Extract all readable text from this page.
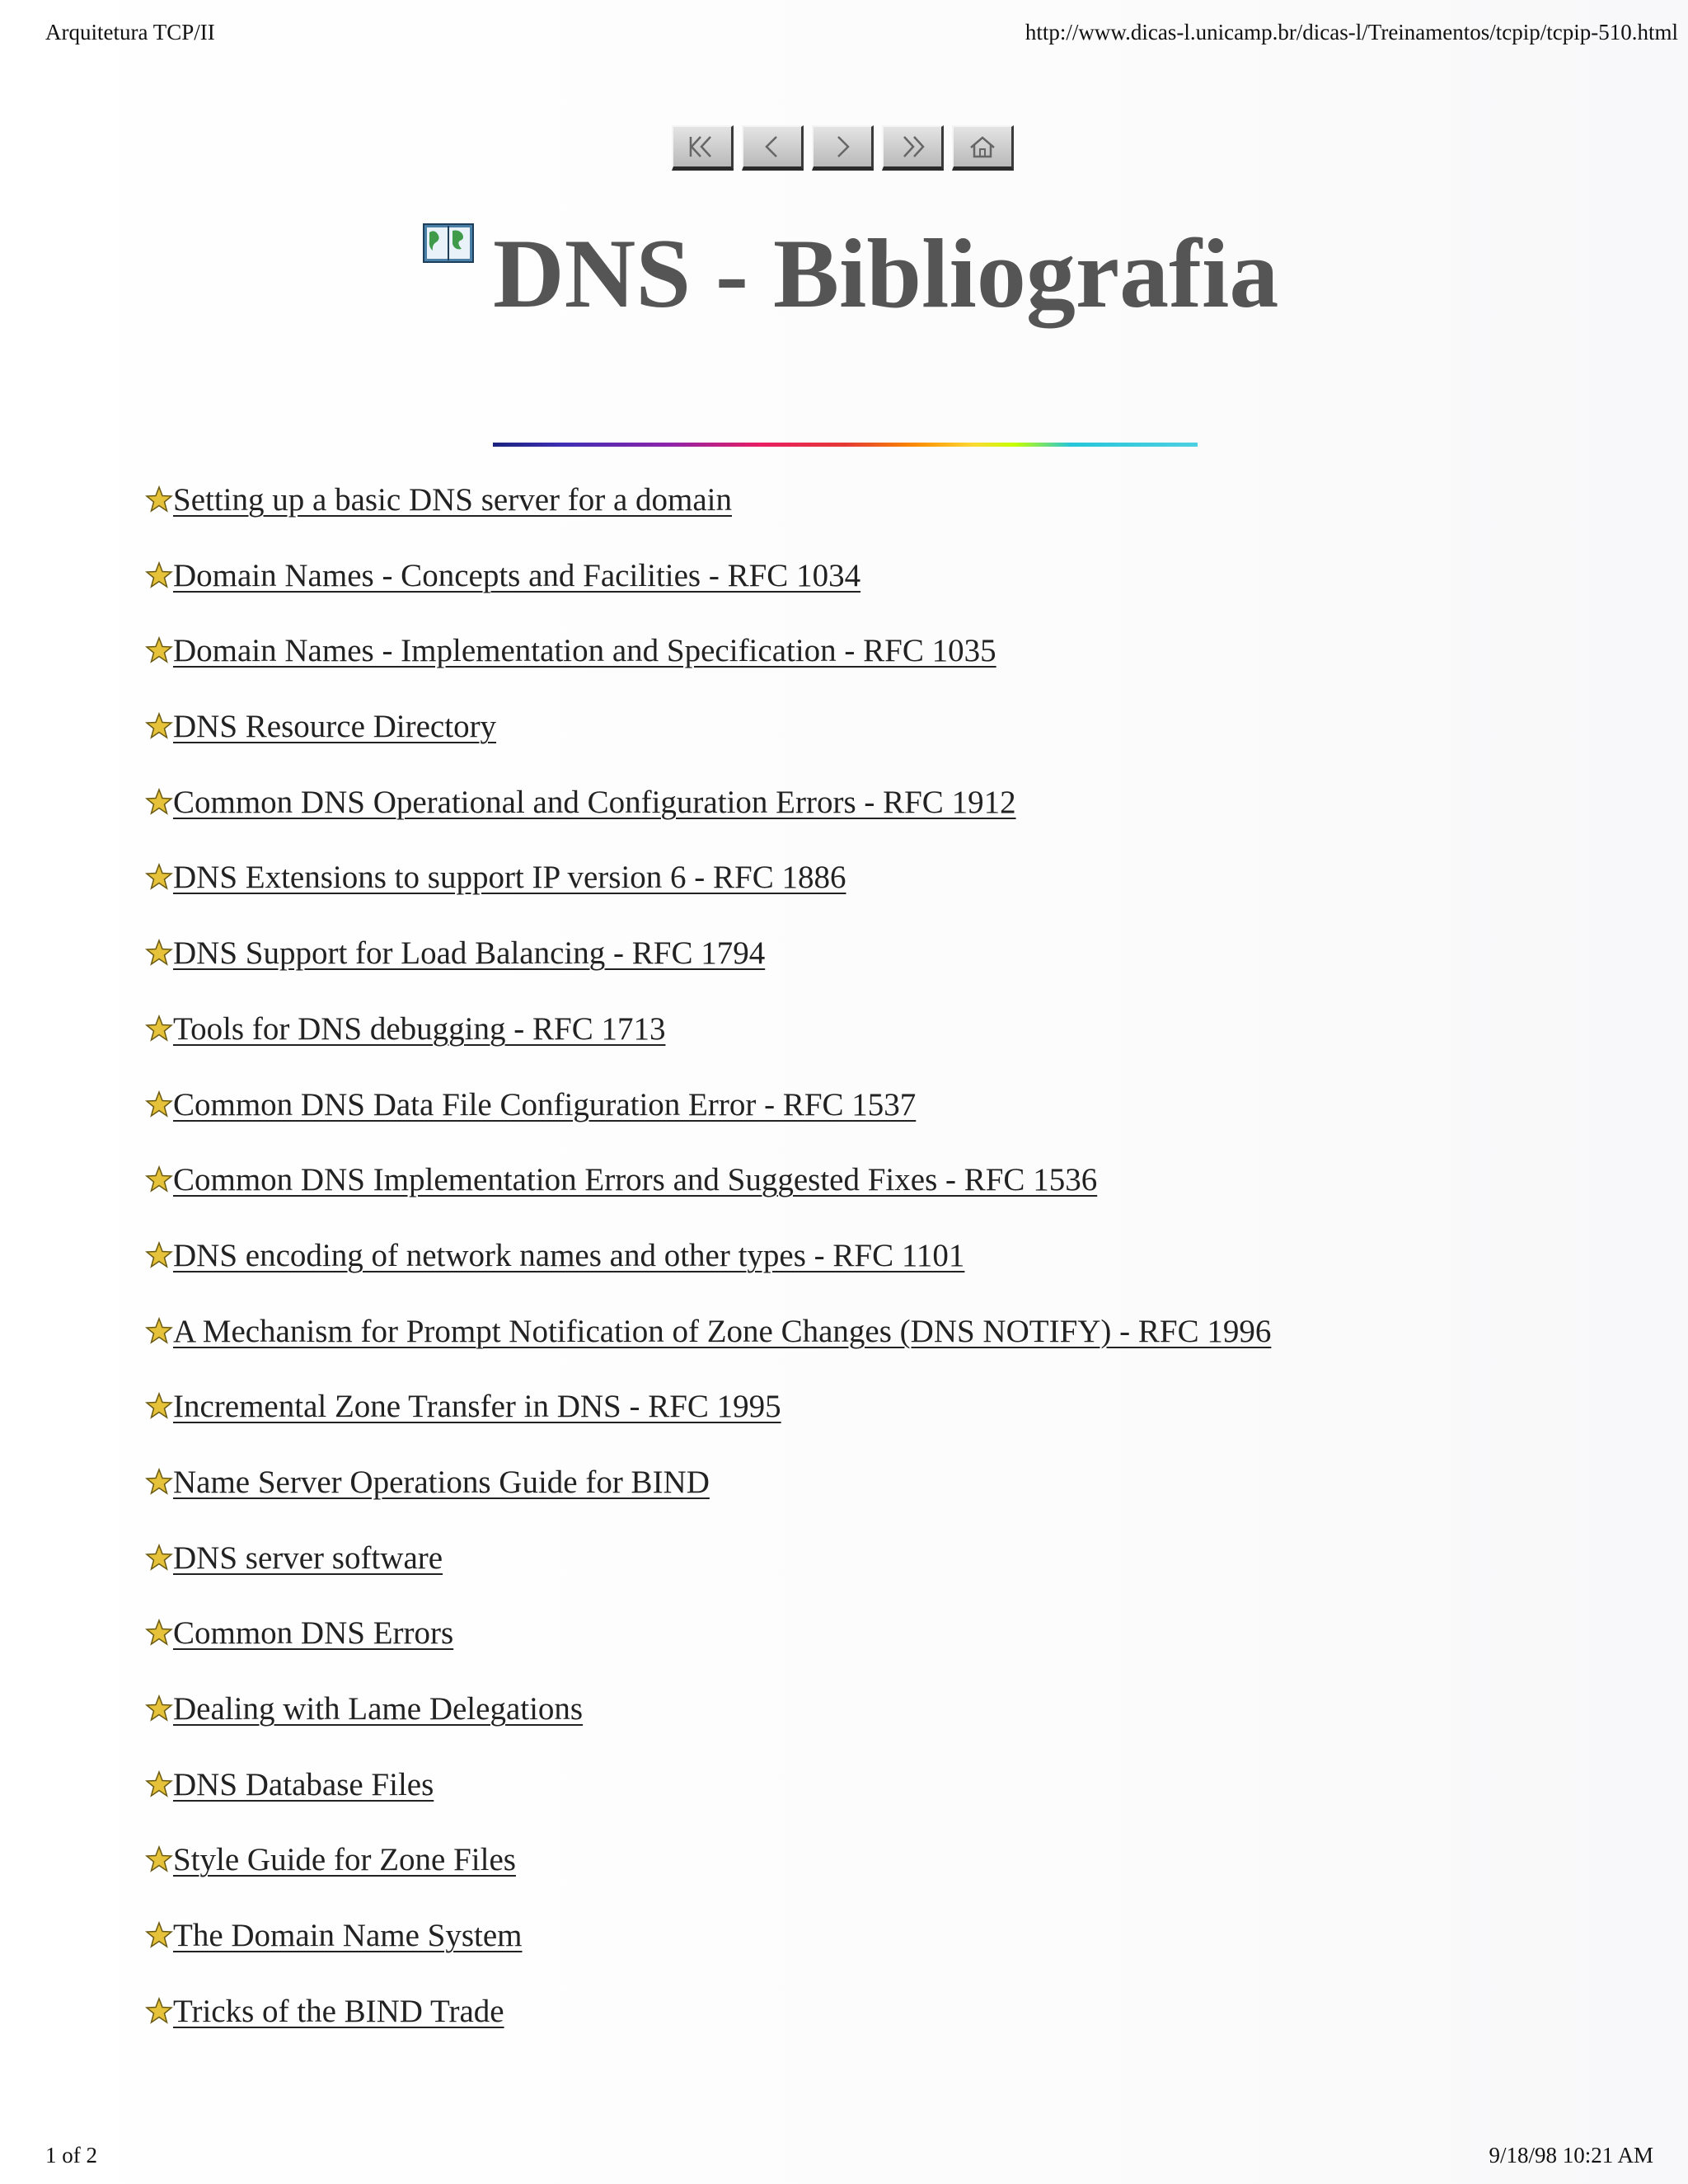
Arquitetura TCP/II	http://www.dicas-l.unicamp.br/dicas-l/Treinamentos/tcpip/tcpip-510.html
DNS - Bibliografia
Setting up a basic DNS server for a domain
Domain Names - Concepts and Facilities - RFC 1034
Domain Names - Implementation and Specification - RFC 1035
DNS Resource Directory
Common DNS Operational and Configuration Errors - RFC 1912
DNS Extensions to support IP version 6 - RFC 1886
DNS Support for Load Balancing - RFC 1794
Tools for DNS debugging - RFC 1713
Common DNS Data File Configuration Error - RFC 1537
Common DNS Implementation Errors and Suggested Fixes - RFC 1536
DNS encoding of network names and other types - RFC 1101
A Mechanism for Prompt Notification of Zone Changes (DNS NOTIFY) - RFC 1996
Incremental Zone Transfer in DNS - RFC 1995
Name Server Operations Guide for BIND
DNS server software
Common DNS Errors
Dealing with Lame Delegations
DNS Database Files
Style Guide for Zone Files
The Domain Name System
Tricks of the BIND Trade
1 of 2	9/18/98 10:21 AM
